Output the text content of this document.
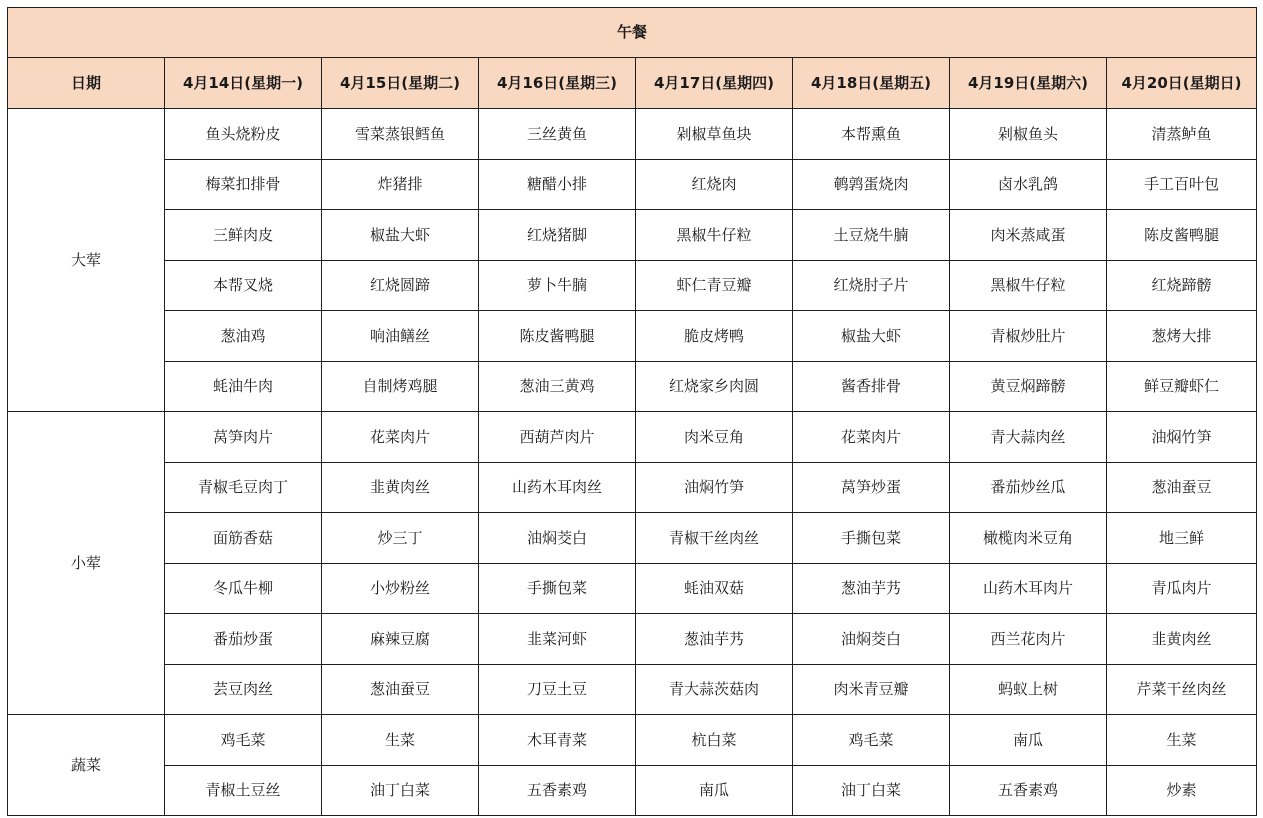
午餐							
日期	4月14日(星期一)	4月15日(星期二)	4月16日(星期三)	4月17日(星期四)	4月18日(星期五)	4月19日(星期六)	4月20日(星期日)
大荤	鱼头烧粉皮	雪菜蒸银鳕鱼	三丝黄鱼	剁椒草鱼块	本帮熏鱼	剁椒鱼头	清蒸鲈鱼
	梅菜扣排骨	炸猪排	糖醋小排	红烧肉	鹌鹑蛋烧肉	卤水乳鸽	手工百叶包
	三鲜肉皮	椒盐大虾	红烧猪脚	黑椒牛仔粒	土豆烧牛腩	肉米蒸咸蛋	陈皮酱鸭腿
	本帮叉烧	红烧圆蹄	萝卜牛腩	虾仁青豆瓣	红烧肘子片	黑椒牛仔粒	红烧蹄髈
	葱油鸡	响油鳝丝	陈皮酱鸭腿	脆皮烤鸭	椒盐大虾	青椒炒肚片	葱烤大排
	蚝油牛肉	自制烤鸡腿	葱油三黄鸡	红烧家乡肉圆	酱香排骨	黄豆焖蹄髈	鲜豆瓣虾仁
小荤	莴笋肉片	花菜肉片	西葫芦肉片	肉米豆角	花菜肉片	青大蒜肉丝	油焖竹笋
	青椒毛豆肉丁	韭黄肉丝	山药木耳肉丝	油焖竹笋	莴笋炒蛋	番茄炒丝瓜	葱油蚕豆
	面筋香菇	炒三丁	油焖茭白	青椒干丝肉丝	手撕包菜	橄榄肉米豆角	地三鲜
	冬瓜牛柳	小炒粉丝	手撕包菜	蚝油双菇	葱油芋艿	山药木耳肉片	青瓜肉片
	番茄炒蛋	麻辣豆腐	韭菜河虾	葱油芋艿	油焖茭白	西兰花肉片	韭黄肉丝
	芸豆肉丝	葱油蚕豆	刀豆土豆	青大蒜茨菇肉	肉米青豆瓣	蚂蚁上树	芹菜干丝肉丝
蔬菜	鸡毛菜	生菜	木耳青菜	杭白菜	鸡毛菜	南瓜	生菜
	青椒土豆丝	油丁白菜	五香素鸡	南瓜	油丁白菜	五香素鸡	炒素
